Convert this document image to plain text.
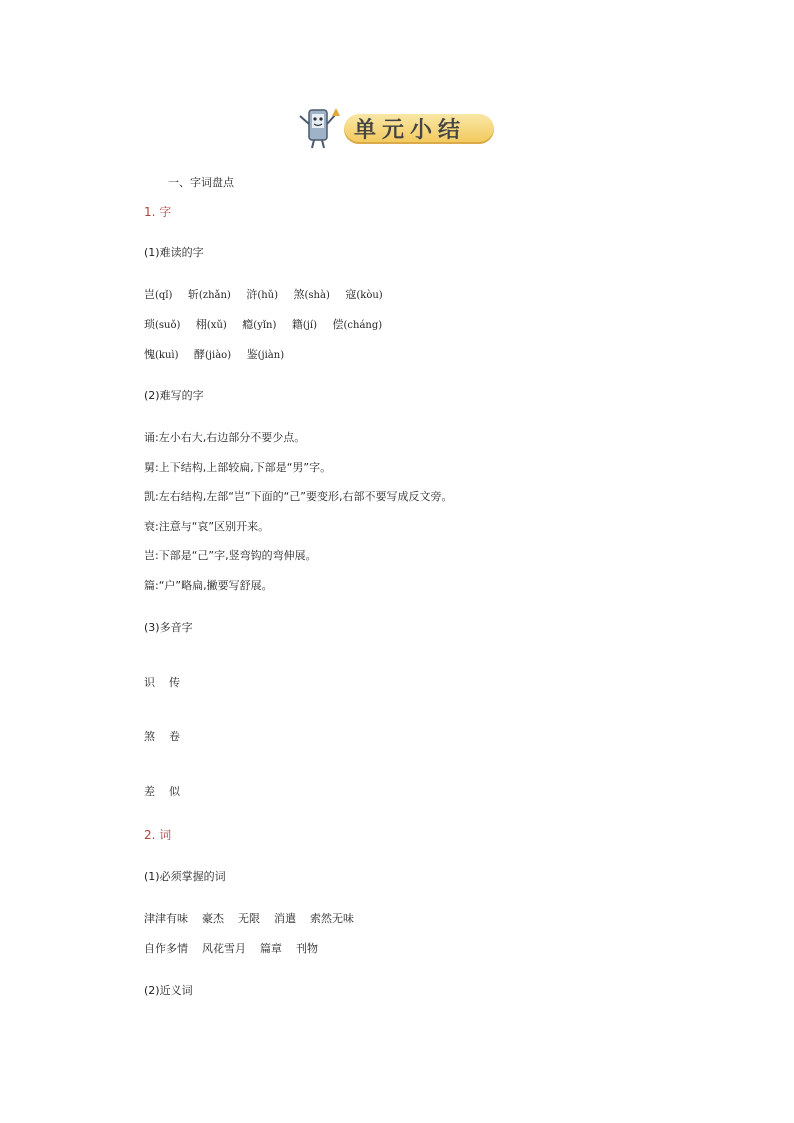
单元小结
一、字词盘点
1. 字
(1)难读的字
岂(qǐ) 斩(zhǎn) 浒(hǔ) 煞(shà) 寇(kòu)
琐(suǒ) 栩(xǔ) 瘾(yǐn) 籍(jí) 偿(cháng)
愧(kuì) 酵(jiào) 鉴(jiàn)
(2)难写的字
诵:左小右大,右边部分不要少点。
舅:上下结构,上部较扁,下部是“男”字。
凯:左右结构,左部“岂”下面的“己”要变形,右部不要写成反文旁。
衰:注意与“哀”区别开来。
岂:下部是“己”字,竖弯钩的弯伸展。
篇:“户”略扁,撇要写舒展。
(3)多音字
识 传
煞 卷
差 似
2. 词
(1)必须掌握的词
津津有味 豪杰 无限 消遣 索然无味
自作多情 风花雪月 篇章 刊物
(2)近义词
